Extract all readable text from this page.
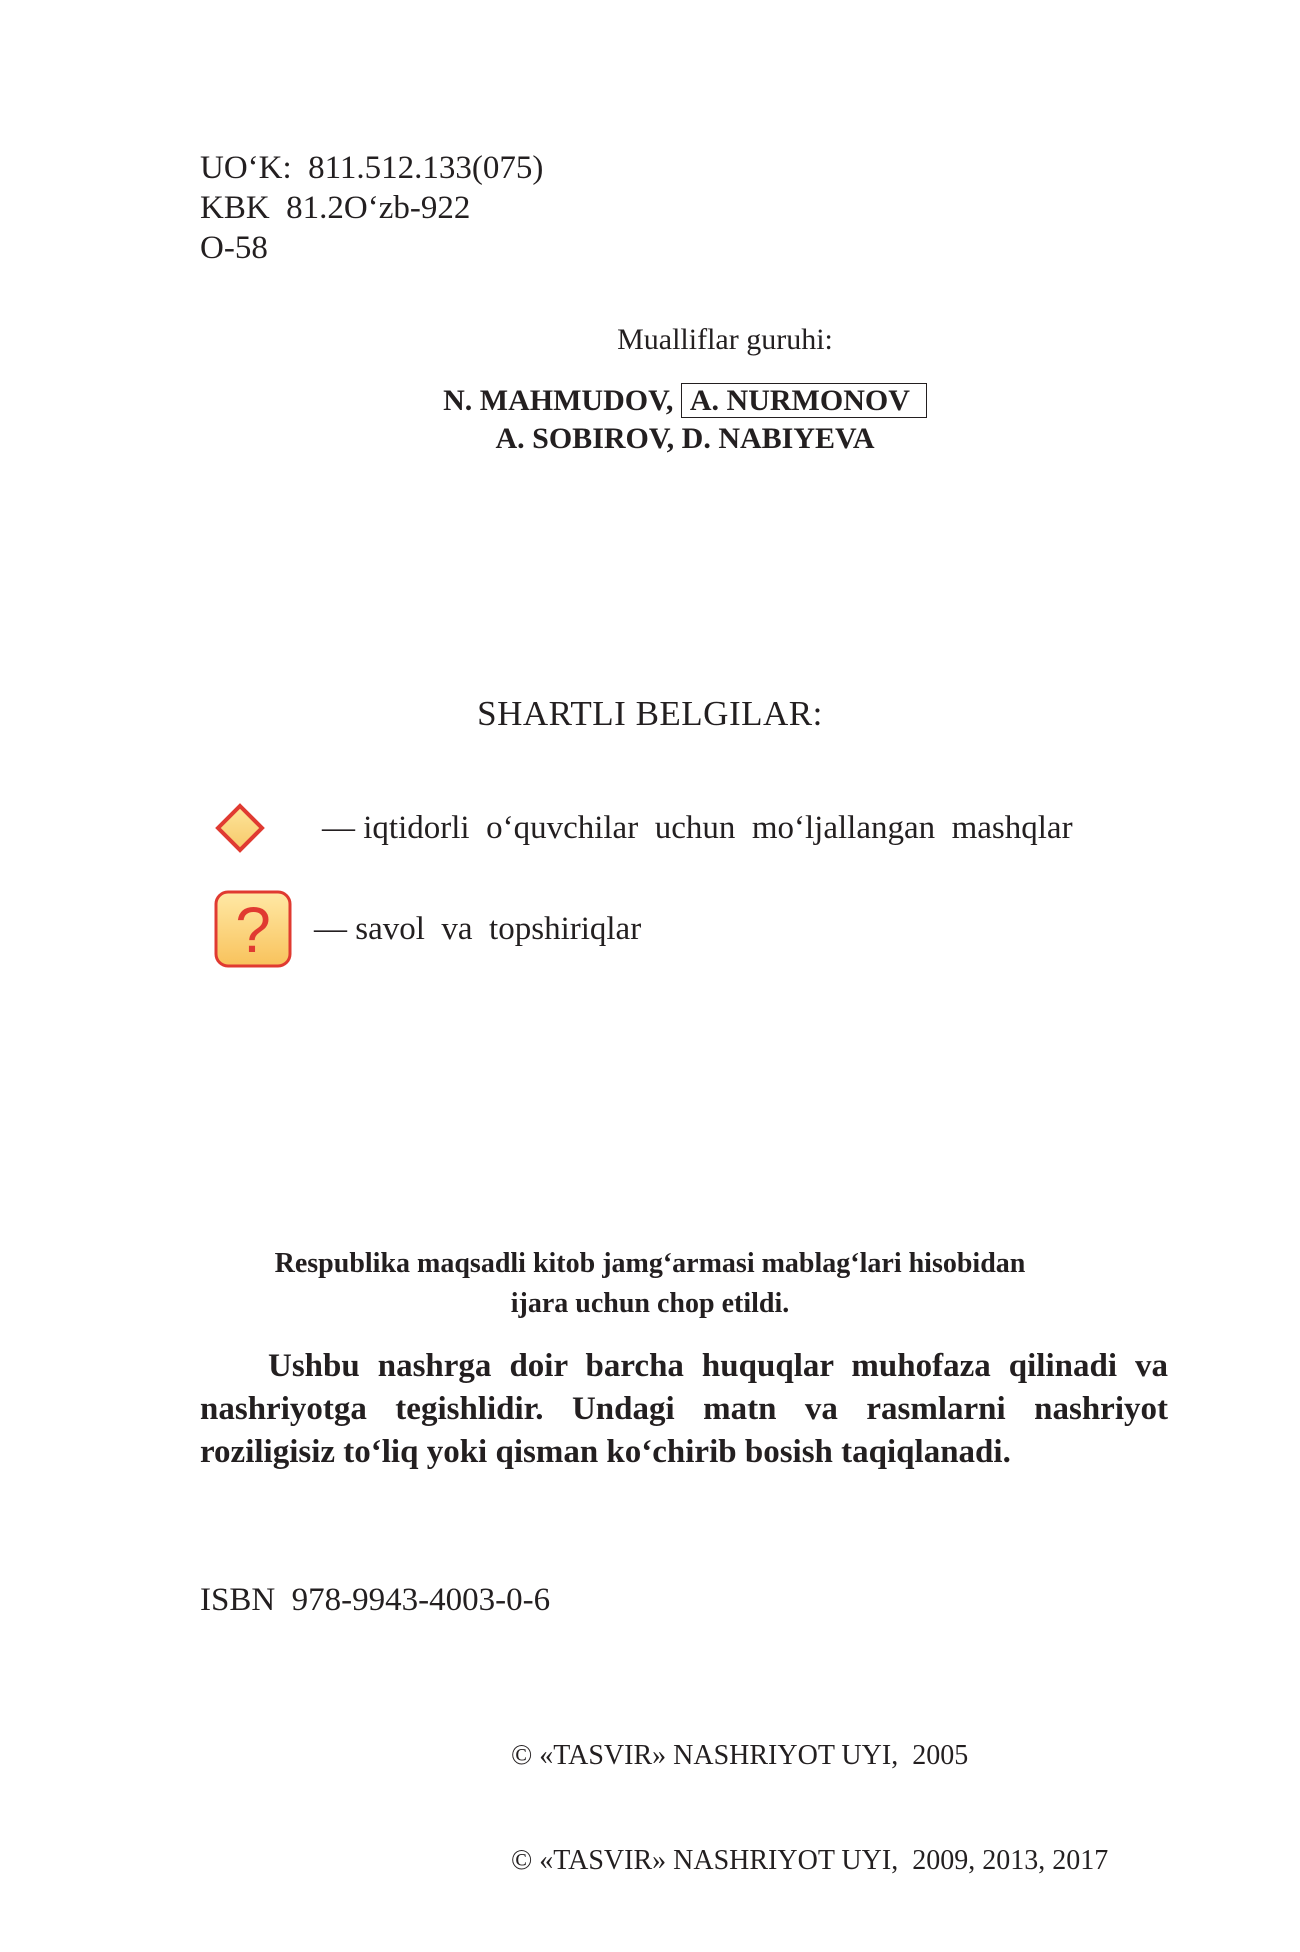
UO‘K:  811.512.133(075)
KBK  81.2O‘zb-922
O-58
Mualliflar guruhi:
N. MAHMUDOV, A. NURMONOV
A. SOBIROV, D. NABIYEVA
SHARTLI BELGILAR:
— iqtidorli  o‘quvchilar  uchun  mo‘ljallangan  mashqlar
? — savol  va  topshiriqlar
Respublika maqsadli kitob jamg‘armasi mablag‘lari hisobidan
ijara uchun chop etildi.
Ushbu nashrga doir barcha huquqlar muhofaza qilinadi va nashriyotga tegishlidir. Undagi matn va rasmlarni nashriyot roziligisiz to‘liq yoki qisman ko‘chirib bosish taqiqlanadi.
ISBN  978-9943-4003-0-6

© «TASVIR» NASHRIYOT UYI,  2005

© «TASVIR» NASHRIYOT UYI,  2009, 2013, 2017
